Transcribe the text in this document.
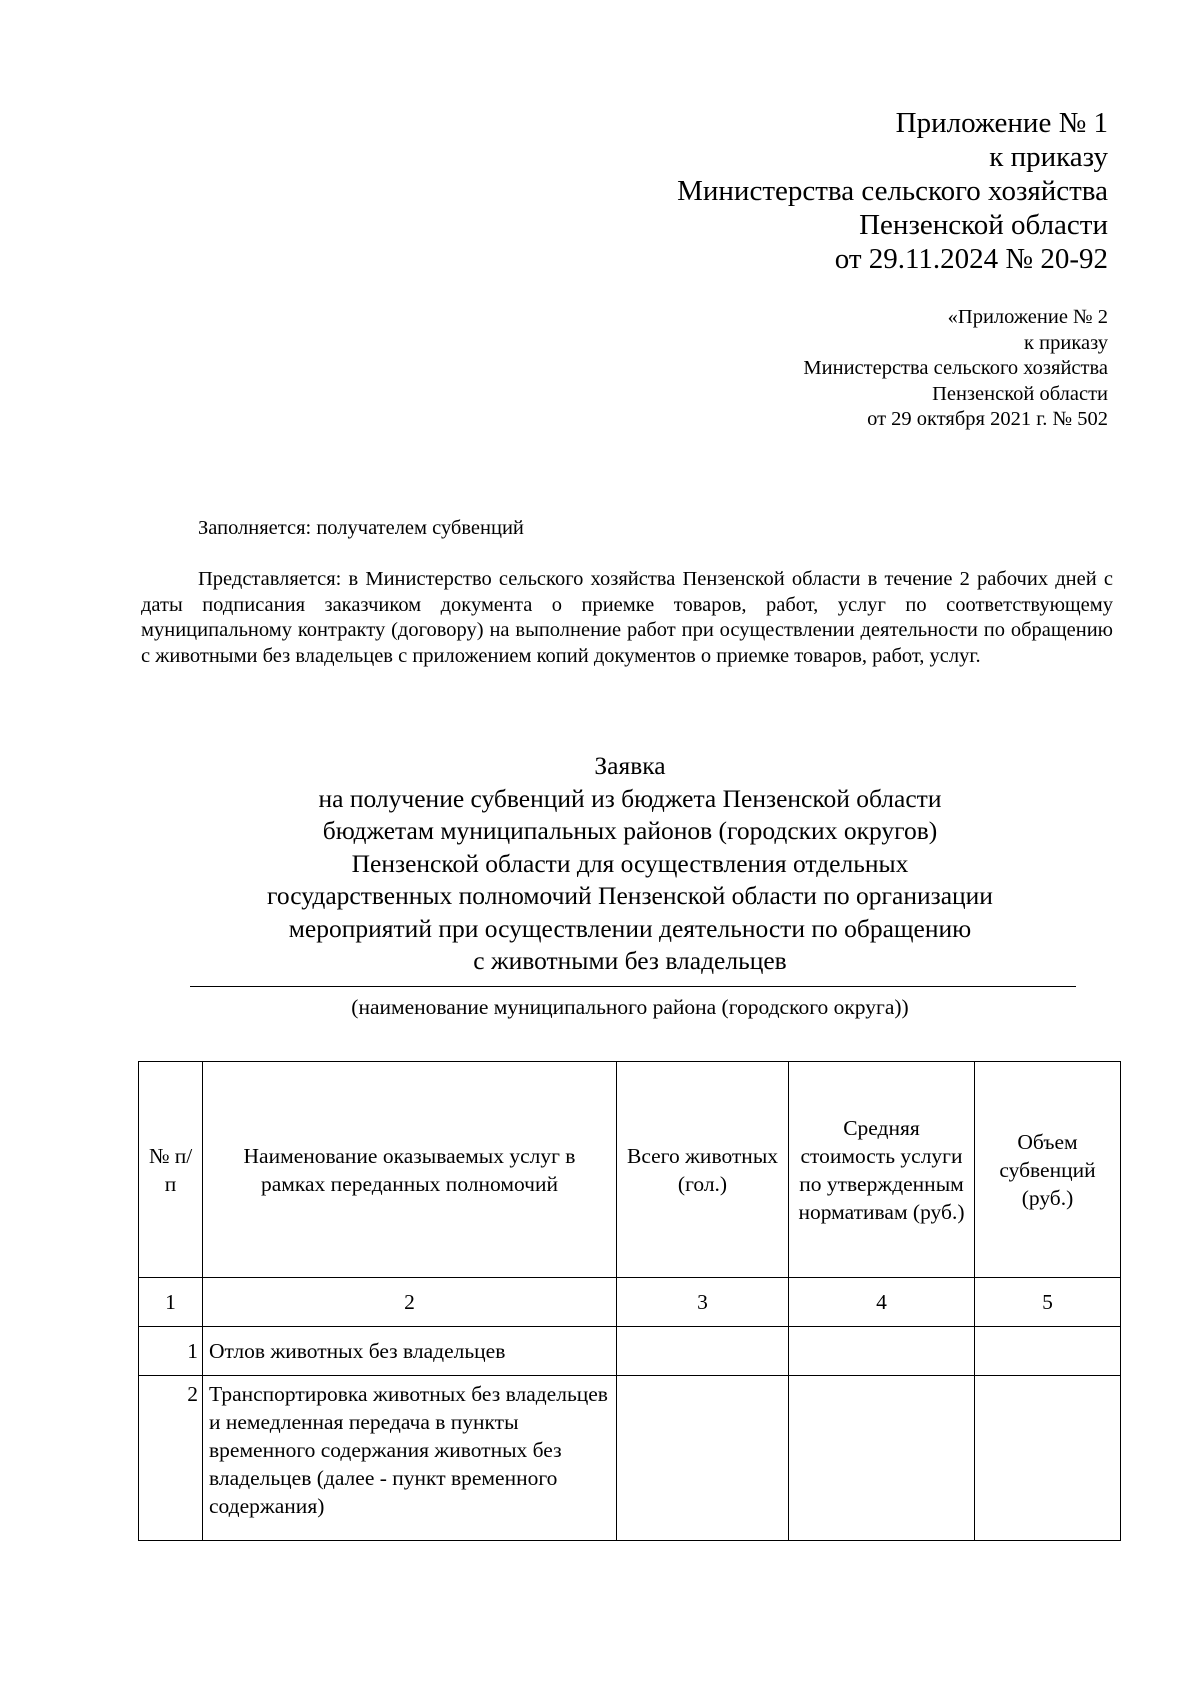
Приложение № 1
к приказу
Министерства сельского хозяйства
Пензенской области
от 29.11.2024 № 20-92
«Приложение № 2
к приказу
Министерства сельского хозяйства
Пензенской области
от 29 октября 2021 г. № 502
Заполняется: получателем субвенций
Представляется: в Министерство сельского хозяйства Пензенской области в течение 2 рабочих дней с даты подписания заказчиком документа о приемке товаров, работ, услуг по соответствующему муниципальному контракту (договору) на выполнение работ при осуществлении деятельности по обращению с животными без владельцев с приложением копий документов о приемке товаров, работ, услуг.
Заявка
на получение субвенций из бюджета Пензенской области
бюджетам муниципальных районов (городских округов)
Пензенской области для осуществления отдельных
государственных полномочий Пензенской области по организации
мероприятий при осуществлении деятельности по обращению
с животными без владельцев
(наименование муниципального района (городского округа))
№ п/п	Наименование оказываемых услуг в рамках переданных полномочий	Всего животных (гол.)	Средняя стоимость услуги по утвержденным нормативам (руб.)	Объем субвенций (руб.)
1	2	3	4	5
1	Отлов животных без владельцев			
2	Транспортировка животных без владельцев и немедленная передача в пункты временного содержания животных без владельцев (далее - пункт временного содержания)			
